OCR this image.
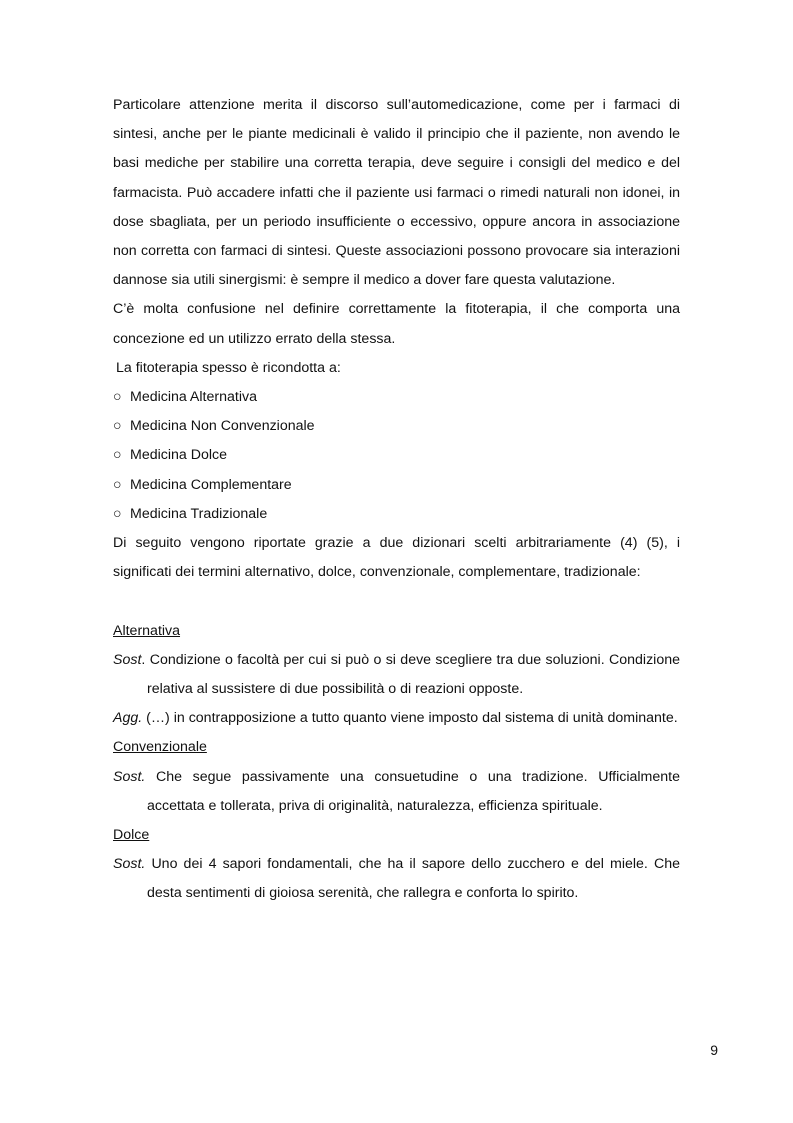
Particolare attenzione merita il discorso sull’automedicazione, come per i farmaci di sintesi, anche per le piante medicinali è valido il principio che il paziente, non avendo le basi mediche per stabilire una corretta terapia, deve seguire i consigli del medico e del farmacista. Può accadere infatti che il paziente usi farmaci o rimedi naturali non idonei, in dose sbagliata, per un periodo insufficiente o eccessivo, oppure ancora in associazione non corretta con farmaci di sintesi. Queste associazioni possono provocare sia interazioni dannose sia utili sinergismi: è sempre il medico a dover fare questa valutazione.

C’è molta confusione nel definire correttamente la fitoterapia, il che comporta una concezione ed un utilizzo errato della stessa.

La fitoterapia spesso è ricondotta a:

○ Medicina Alternativa
○ Medicina Non Convenzionale
○ Medicina Dolce
○ Medicina Complementare
○ Medicina Tradizionale

Di seguito vengono riportate grazie a due dizionari scelti arbitrariamente (4) (5), i significati dei termini alternativo, dolce, convenzionale, complementare, tradizionale:

Alternativa

Sost. Condizione o facoltà per cui si può o si deve scegliere tra due soluzioni. Condizione relativa al sussistere di due possibilità o di reazioni opposte.

Agg. (…) in contrapposizione a tutto quanto viene imposto dal sistema di unità dominante.

Convenzionale

Sost. Che segue passivamente una consuetudine o una tradizione. Ufficialmente accettata e tollerata, priva di originalità, naturalezza, efficienza spirituale.

Dolce

Sost. Uno dei 4 sapori fondamentali, che ha il sapore dello zucchero e del miele. Che desta sentimenti di gioiosa serenità, che rallegra e conforta lo spirito.

9
